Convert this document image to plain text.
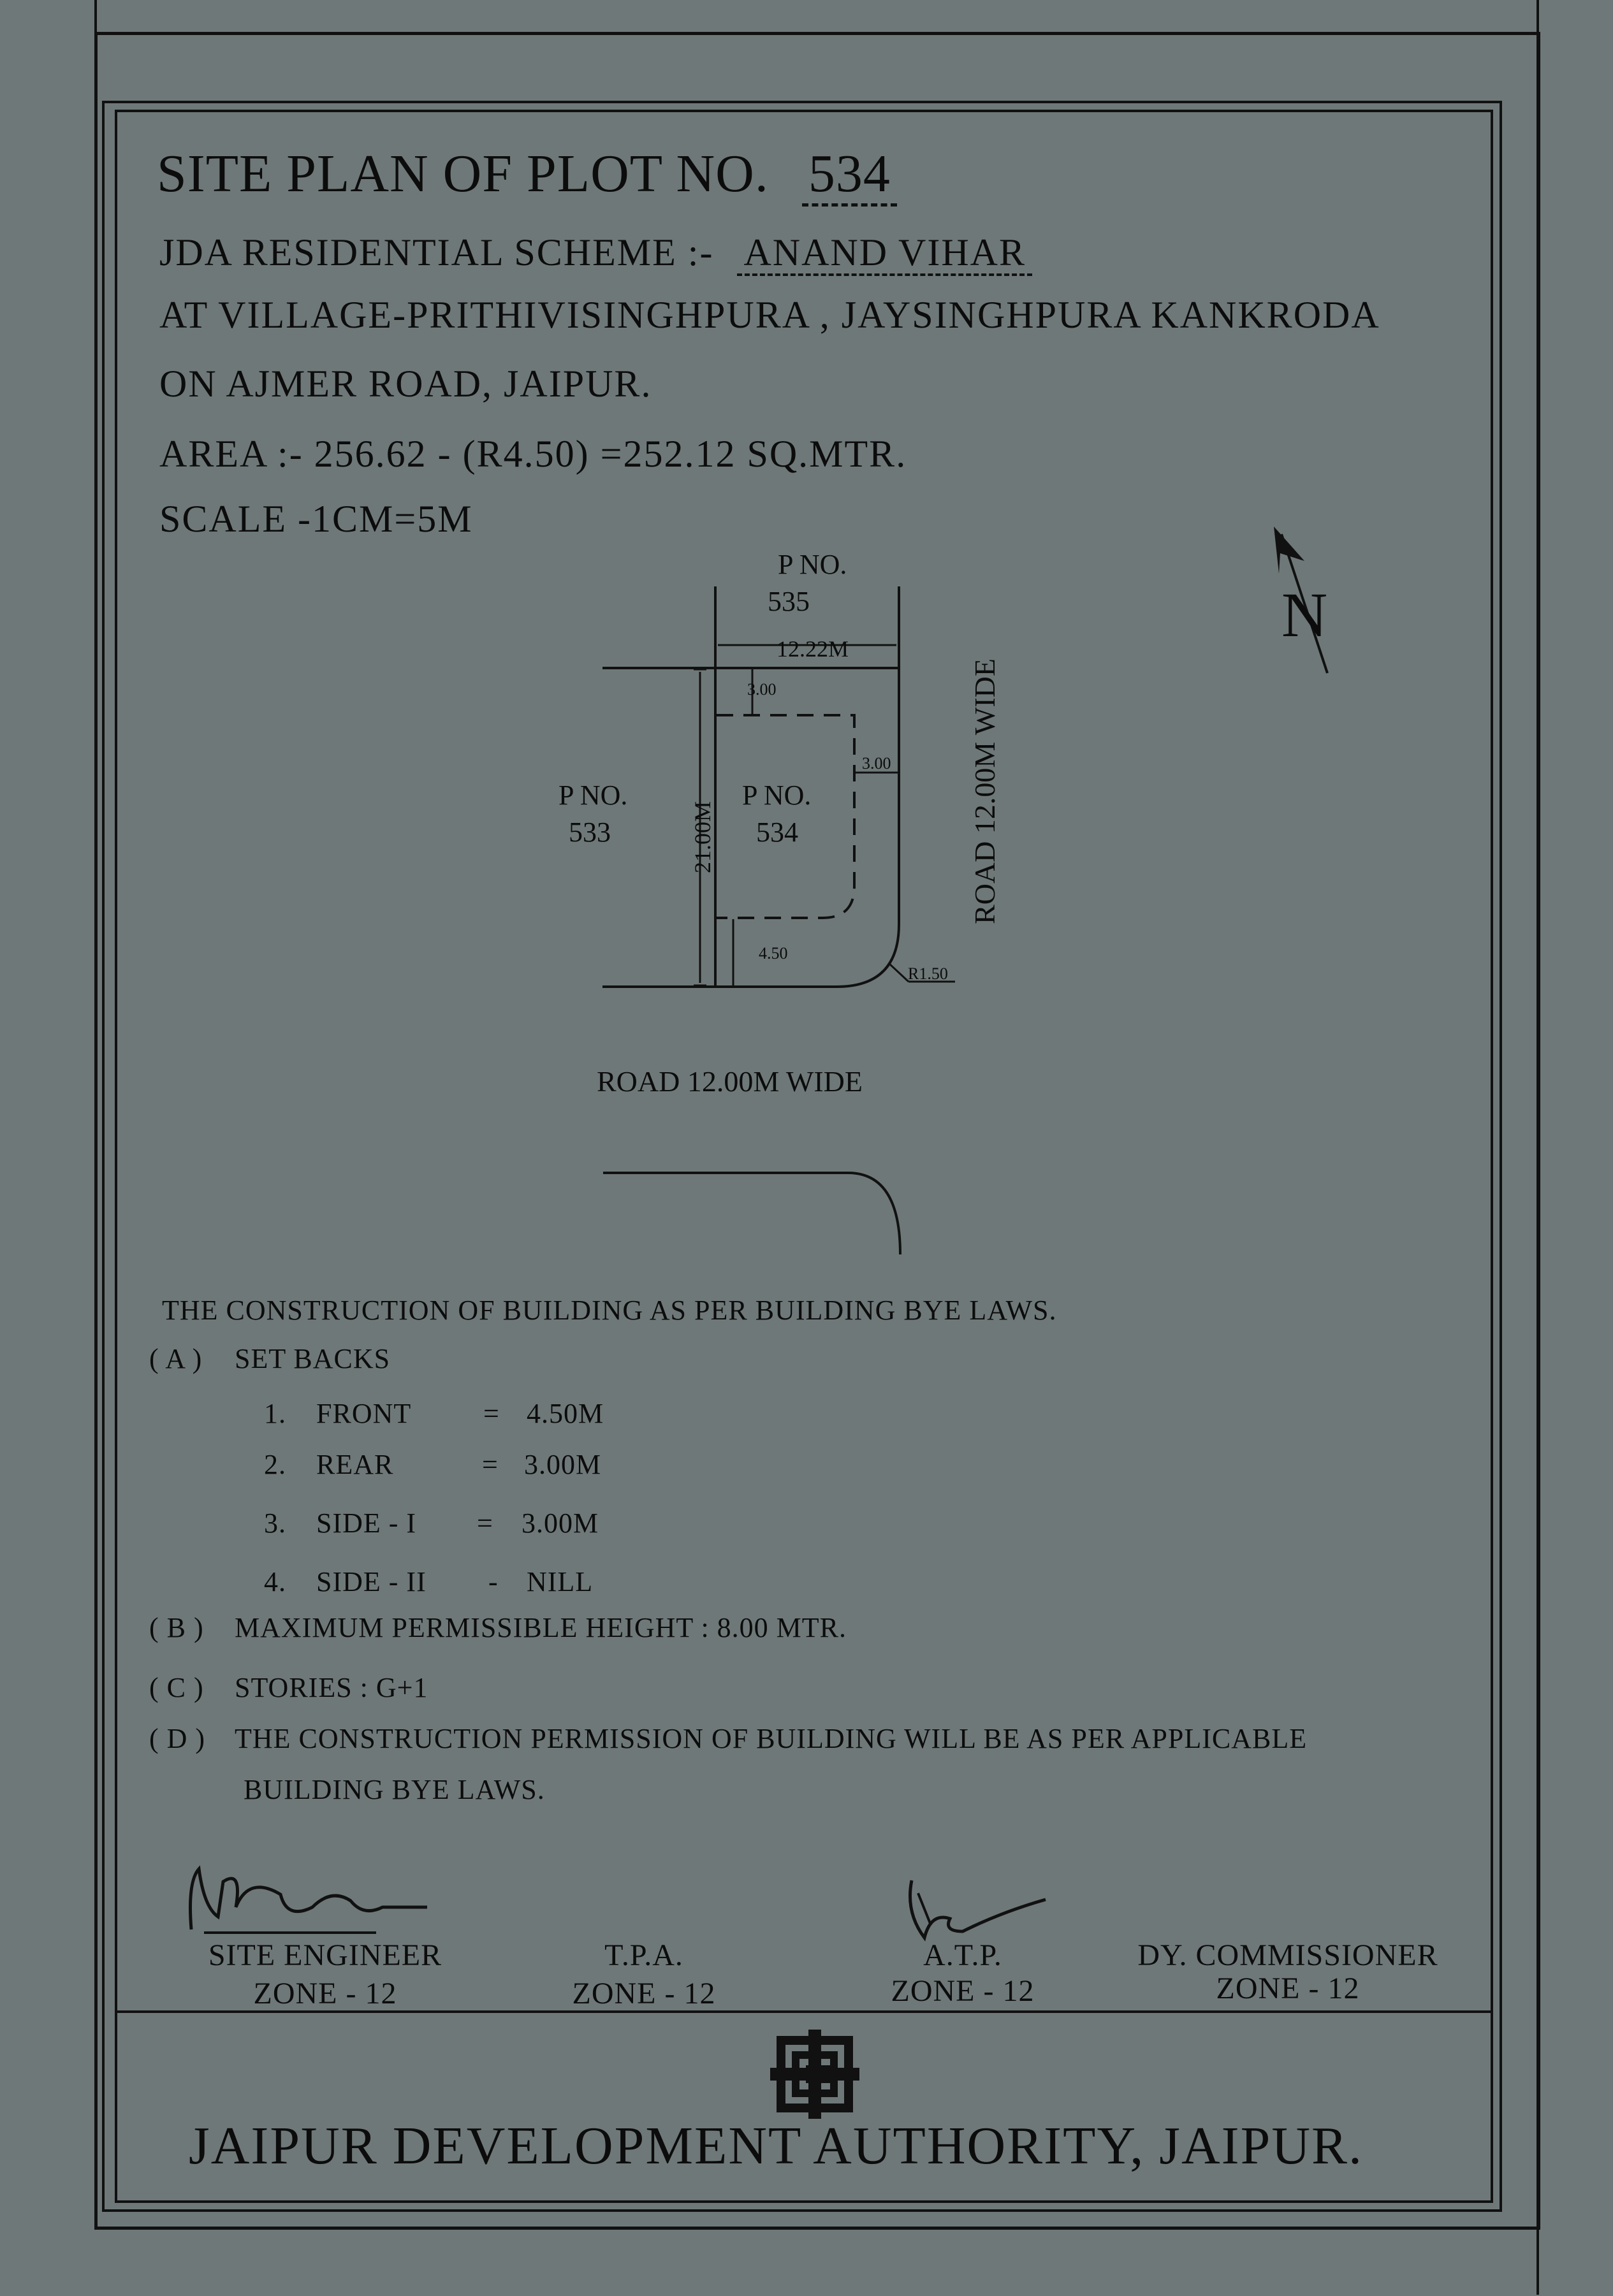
SITE PLAN OF PLOT NO. 534
JDA RESIDENTIAL SCHEME :- ANAND VIHAR
AT VILLAGE-PRITHIVISINGHPURA , JAYSINGHPURA KANKRODA
ON AJMER ROAD, JAIPUR.
AREA :- 256.62 - (R4.50) =252.12 SQ.MTR.
SCALE -1CM=5M
P NO.
535
12.22M
3.00
3.00
4.50
R1.50
P NO.
533
P NO.
534
21.00M	ROAD 12.00M WIDE
ROAD 12.00M WIDE
N
THE CONSTRUCTION OF BUILDING AS PER BUILDING BYE LAWS.
( A ) SET BACKS
1. FRONT	= 4.50M
2. REAR	= 3.00M
3. SIDE - I = 3.00M
4. SIDE - II - NILL
( B ) MAXIMUM PERMISSIBLE HEIGHT : 8.00 MTR.
( C ) STORIES : G+1
( D ) THE CONSTRUCTION PERMISSION OF BUILDING WILL BE AS PER APPLICABLE
BUILDING BYE LAWS.
SITE ENGINEER
ZONE - 12
T.P.A.
ZONE - 12
A.T.P.
ZONE - 12
DY. COMMISSIONER
ZONE - 12
JAIPUR DEVELOPMENT AUTHORITY, JAIPUR.
